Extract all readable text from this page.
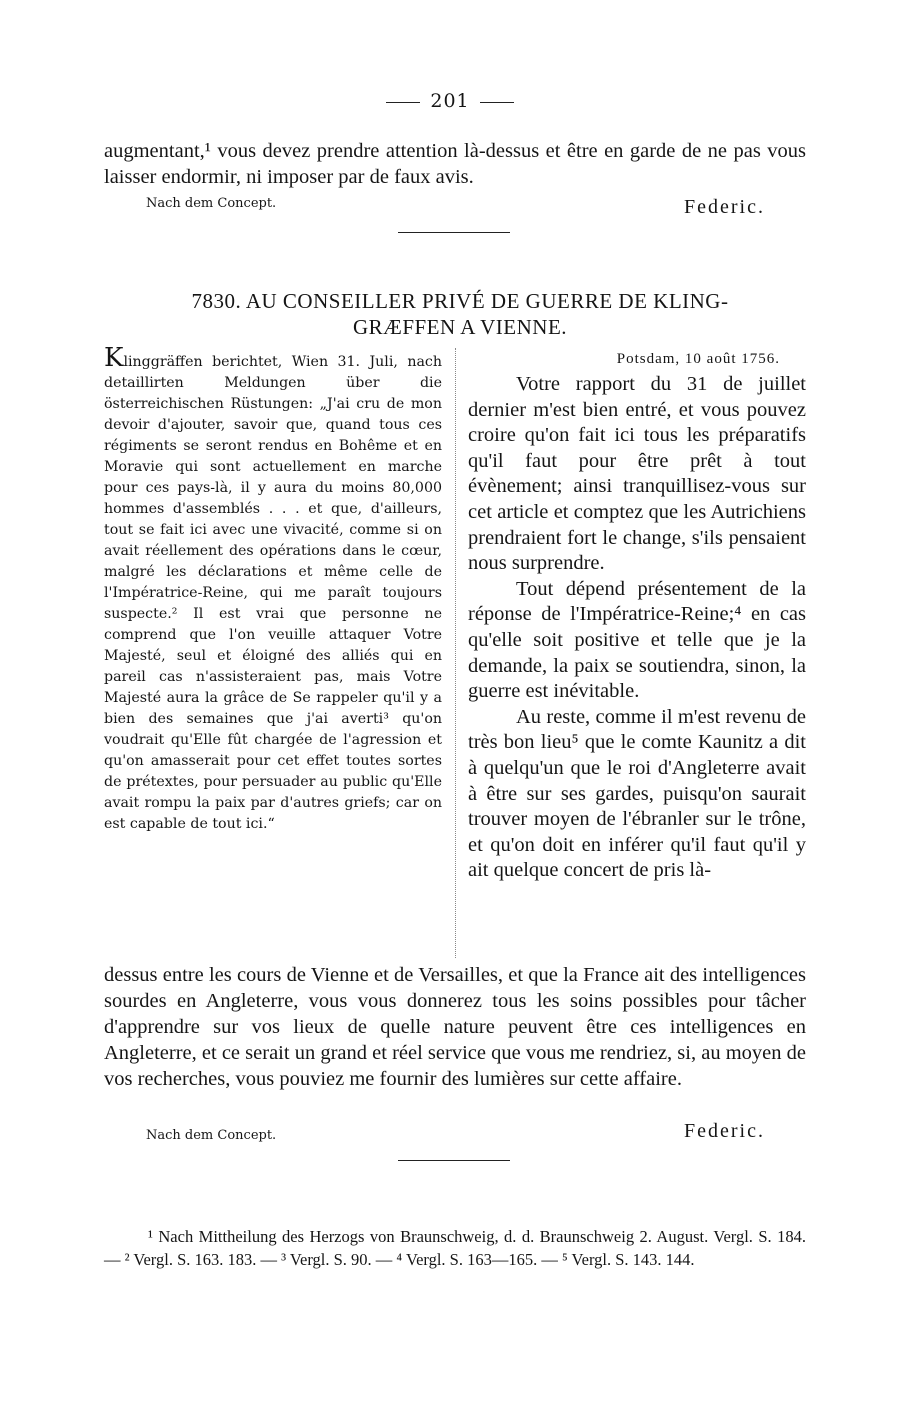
201
augmentant,¹ vous devez prendre attention là-dessus et être en garde de ne pas vous laisser endormir, ni imposer par de faux avis.
Nach dem Concept.	Federic.
7830. AU CONSEILLER PRIVÉ DE GUERRE DE KLING-
GRÆFFEN A VIENNE.
Klinggräffen berichtet, Wien 31. Juli, nach detaillirten Meldungen über die österreichischen Rüstungen: „J'ai cru de mon devoir d'ajouter, savoir que, quand tous ces régiments se seront rendus en Bohême et en Moravie qui sont actuellement en marche pour ces pays-là, il y aura du moins 80,000 hommes d'assemblés . . . et que, d'ailleurs, tout se fait ici avec une vivacité, comme si on avait réellement des opérations dans le cœur, malgré les déclarations et même celle de l'Impératrice-Reine, qui me paraît toujours suspecte.² Il est vrai que personne ne comprend que l'on veuille attaquer Votre Majesté, seul et éloigné des alliés qui en pareil cas n'assisteraient pas, mais Votre Majesté aura la grâce de Se rappeler qu'il y a bien des semaines que j'ai averti³ qu'on voudrait qu'Elle fût chargée de l'agression et qu'on amasserait pour cet effet toutes sortes de prétextes, pour persuader au public qu'Elle avait rompu la paix par d'autres griefs; car on est capable de tout ici.“
Potsdam, 10 août 1756.

Votre rapport du 31 de juillet dernier m'est bien entré, et vous pouvez croire qu'on fait ici tous les préparatifs qu'il faut pour être prêt à tout évènement; ainsi tranquillisez-vous sur cet article et comptez que les Autrichiens prendraient fort le change, s'ils pensaient nous surprendre.

Tout dépend présentement de la réponse de l'Impératrice-Reine;⁴ en cas qu'elle soit positive et telle que je la demande, la paix se soutiendra, sinon, la guerre est inévitable.

Au reste, comme il m'est revenu de très bon lieu⁵ que le comte Kaunitz a dit à quelqu'un que le roi d'Angleterre avait à être sur ses gardes, puisqu'on saurait trouver moyen de l'ébranler sur le trône, et qu'on doit en inférer qu'il faut qu'il y ait quelque concert de pris là-

dessus entre les cours de Vienne et de Versailles, et que la France ait des intelligences sourdes en Angleterre, vous vous donnerez tous les soins possibles pour tâcher d'apprendre sur vos lieux de quelle nature peuvent être ces intelligences en Angleterre, et ce serait un grand et réel service que vous me rendriez, si, au moyen de vos recherches, vous pouviez me fournir des lumières sur cette affaire.

Nach dem Concept.	Federic.

¹ Nach Mittheilung des Herzogs von Braunschweig, d. d. Braunschweig 2. August. Vergl. S. 184. — ² Vergl. S. 163. 183. — ³ Vergl. S. 90. — ⁴ Vergl. S. 163—165. — ⁵ Vergl. S. 143. 144.
